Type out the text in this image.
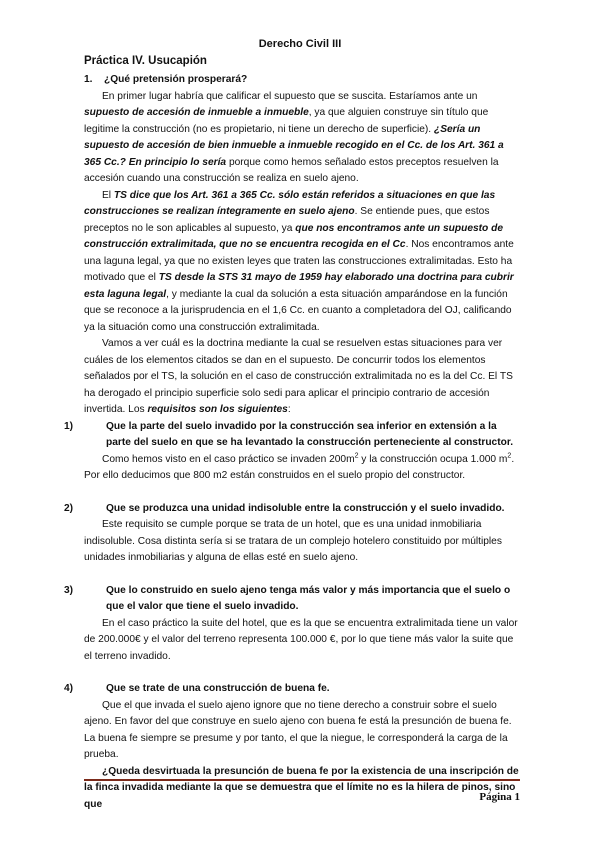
Derecho Civil III
Práctica IV. Usucapión

1. ¿Qué pretensión prosperará?

En primer lugar habría que calificar el supuesto que se suscita. Estaríamos ante un supuesto de accesión de inmueble a inmueble, ya que alguien construye sin título que legitime la construcción (no es propietario, ni tiene un derecho de superficie). ¿Sería un supuesto de accesión de bien inmueble a inmueble recogido en el Cc. de los Art. 361 a 365 Cc.? En principio lo sería porque como hemos señalado estos preceptos resuelven la accesión cuando una construcción se realiza en suelo ajeno.

El TS dice que los Art. 361 a 365 Cc. sólo están referidos a situaciones en que las construcciones se realizan íntegramente en suelo ajeno. Se entiende pues, que estos preceptos no le son aplicables al supuesto, ya que nos encontramos ante un supuesto de construcción extralimitada, que no se encuentra recogida en el Cc. Nos encontramos ante una laguna legal, ya que no existen leyes que traten las construcciones extralimitadas. Esto ha motivado que el TS desde la STS 31 mayo de 1959 hay elaborado una doctrina para cubrir esta laguna legal, y mediante la cual da solución a esta situación amparándose en la función que se reconoce a la jurisprudencia en el 1,6 Cc. en cuanto a completadora del OJ, calificando ya la situación como una construcción extralimitada.

Vamos a ver cuál es la doctrina mediante la cual se resuelven estas situaciones para ver cuáles de los elementos citados se dan en el supuesto. De concurrir todos los elementos señalados por el TS, la solución en el caso de construcción extralimitada no es la del Cc. El TS ha derogado el principio superficie solo sedi para aplicar el principio contrario de accesión invertida. Los requisitos son los siguientes:

1)	Que la parte del suelo invadido por la construcción sea inferior en extensión a la parte del suelo en que se ha levantado la construcción perteneciente al constructor.

Como hemos visto en el caso práctico se invaden $200m^2$ y la construcción ocupa 1.000 $m^2$. Por ello deducimos que 800 m2 están construidos en el suelo propio del constructor.

2)	Que se produzca una unidad indisoluble entre la construcción y el suelo invadido.

Este requisito se cumple porque se trata de un hotel, que es una unidad inmobiliaria indisoluble. Cosa distinta sería si se tratara de un complejo hotelero constituido por múltiples unidades inmobiliarias y alguna de ellas esté en suelo ajeno.

3)	Que lo construido en suelo ajeno tenga más valor y más importancia que el suelo o que el valor que tiene el suelo invadido.

En el caso práctico la suite del hotel, que es la que se encuentra extralimitada tiene un valor de 200.000€ y el valor del terreno representa 100.000 €, por lo que tiene más valor la suite que el terreno invadido.

4)	Que se trate de una construcción de buena fe.

Que el que invada el suelo ajeno ignore que no tiene derecho a construir sobre el suelo ajeno. En favor del que construye en suelo ajeno con buena fe está la presunción de buena fe. La buena fe siempre se presume y por tanto, el que la niegue, le corresponderá la carga de la prueba.

¿Queda desvirtuada la presunción de buena fe por la existencia de una inscripción de la finca invadida mediante la que se demuestra que el límite no es la hilera de pinos, sino que

Página 1
